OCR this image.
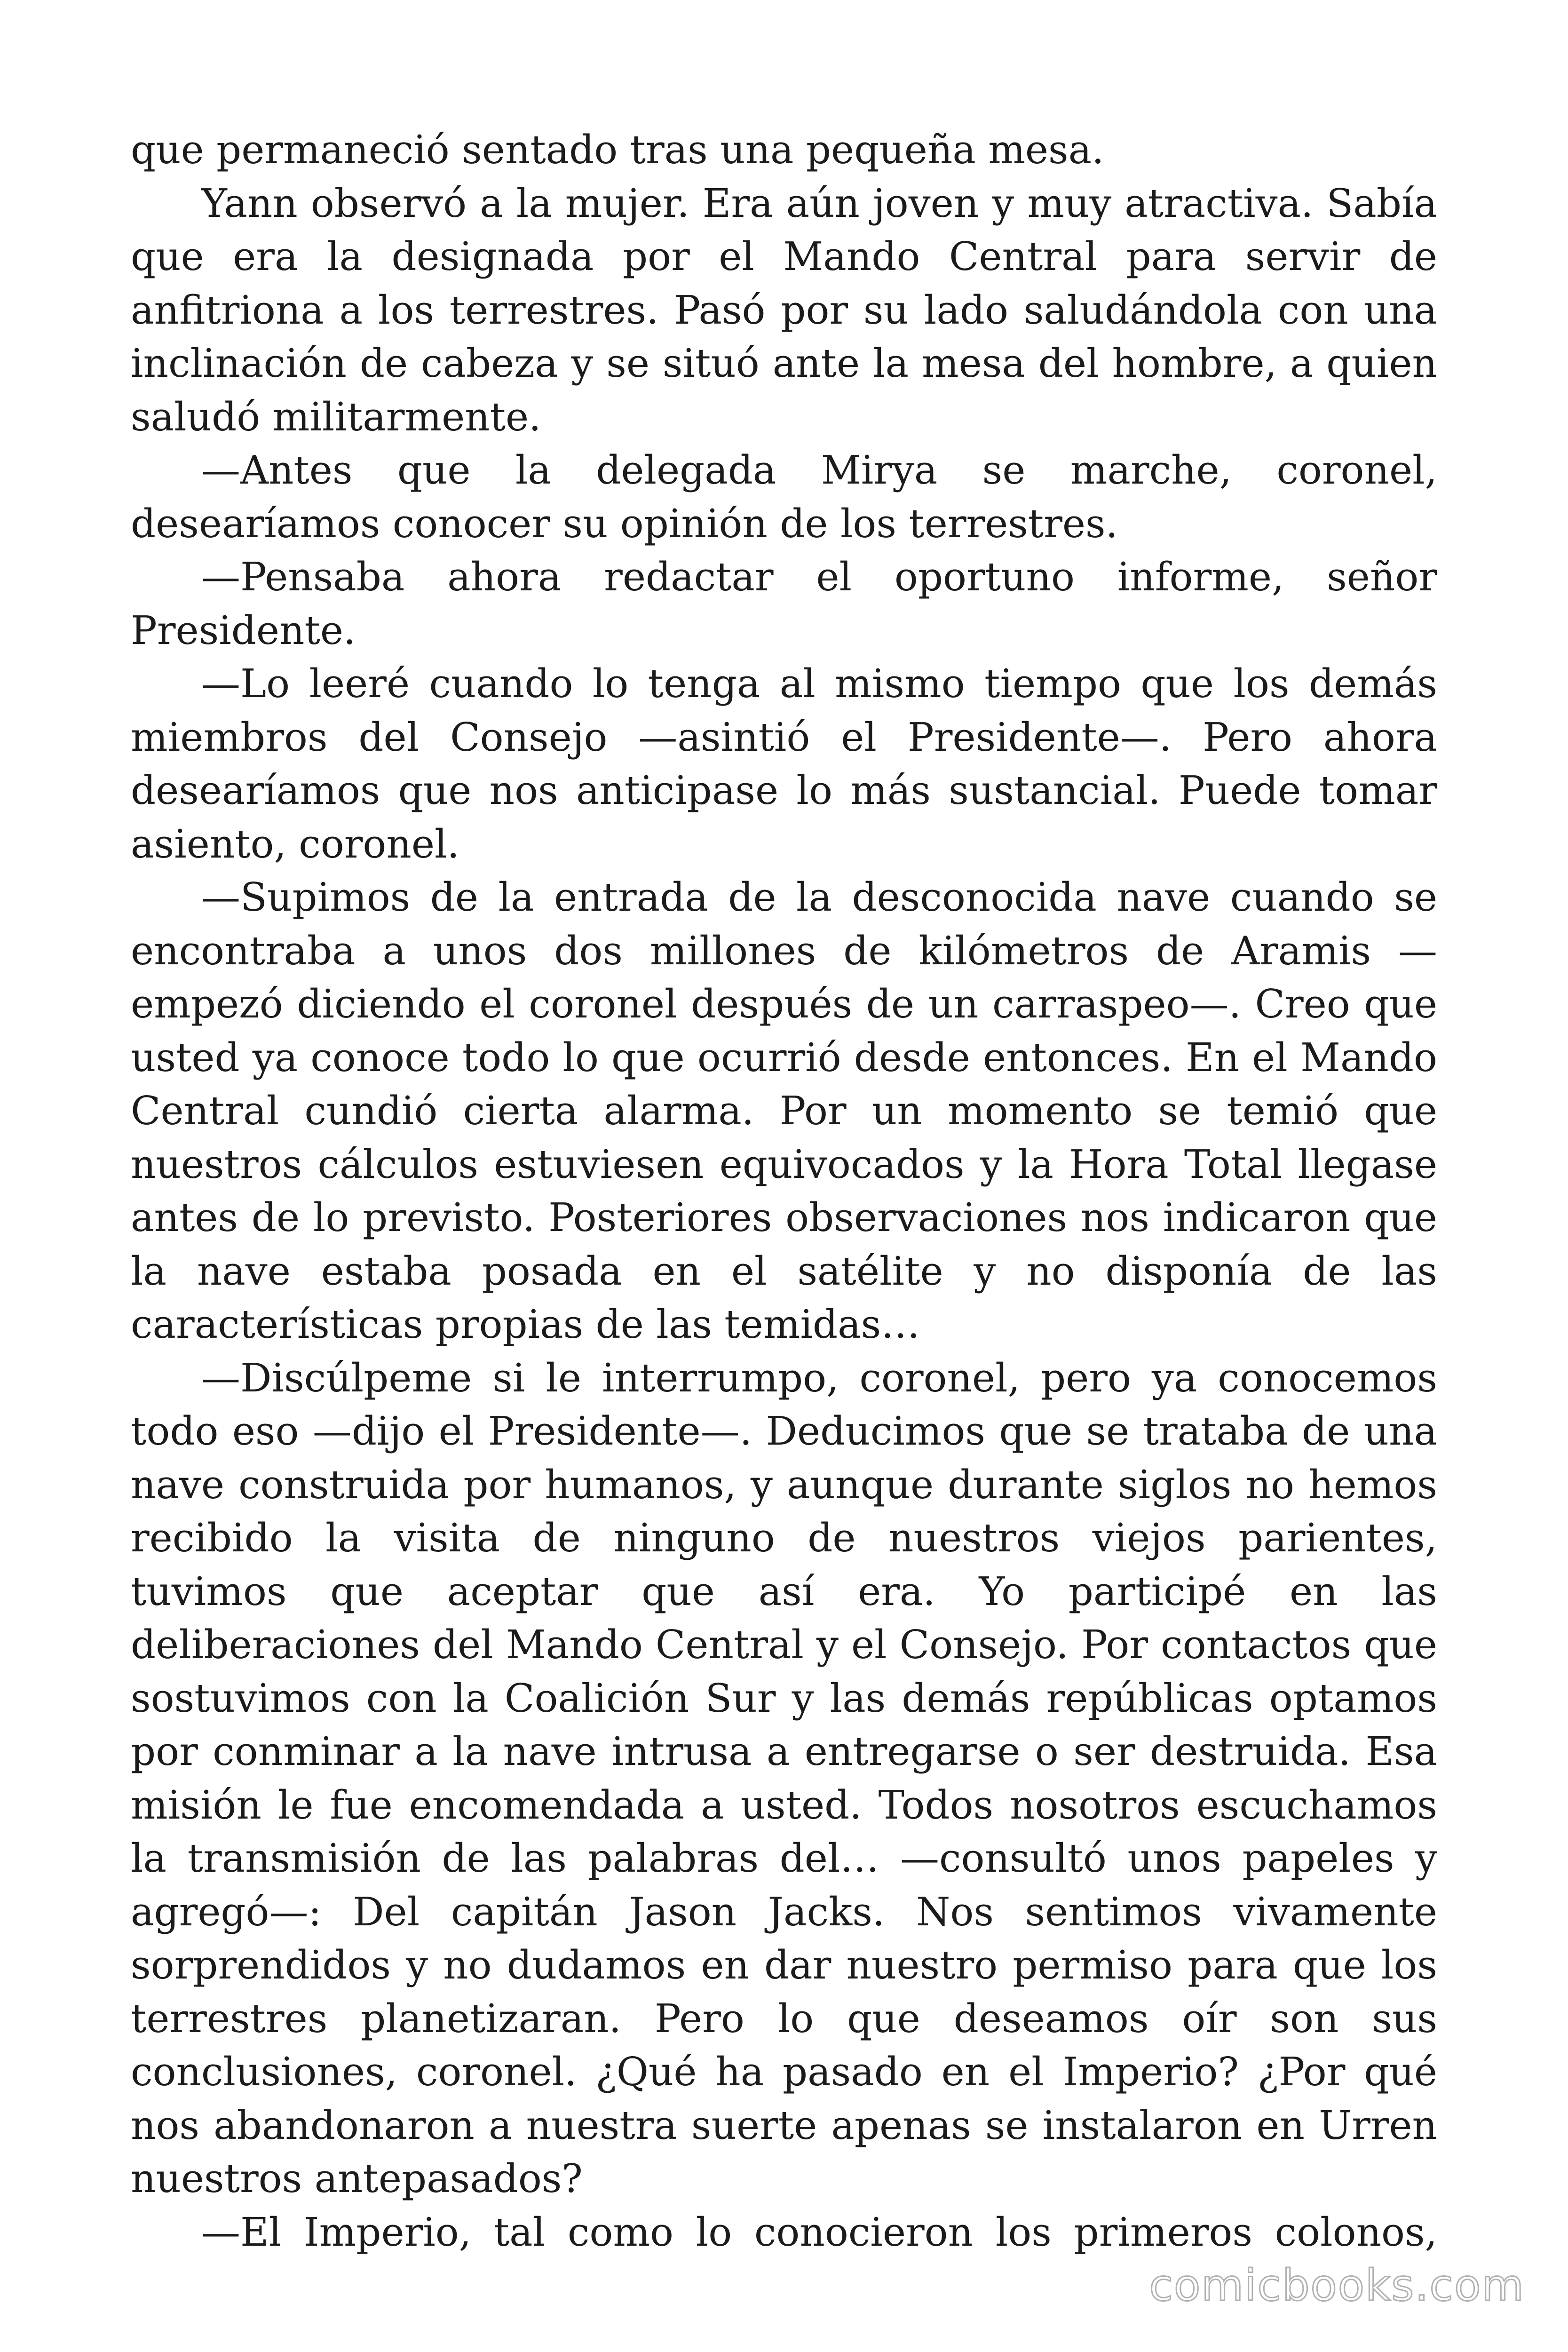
que permaneció sentado tras una pequeña mesa.

Yann observó a la mujer. Era aún joven y muy atractiva. Sabía que era la designada por el Mando Central para servir de anfitriona a los terrestres. Pasó por su lado saludándola con una inclinación de cabeza y se situó ante la mesa del hombre, a quien saludó militarmente.

—Antes que la delegada Mirya se marche, coronel, desearíamos conocer su opinión de los terrestres.

—Pensaba ahora redactar el oportuno informe, señor Presidente.

—Lo leeré cuando lo tenga al mismo tiempo que los demás miembros del Consejo —asintió el Presidente—. Pero ahora desearíamos que nos anticipase lo más sustancial. Puede tomar asiento, coronel.

—Supimos de la entrada de la desconocida nave cuando se encontraba a unos dos millones de kilómetros de Aramis —empezó diciendo el coronel después de un carraspeo—. Creo que usted ya conoce todo lo que ocurrió desde entonces. En el Mando Central cundió cierta alarma. Por un momento se temió que nuestros cálculos estuviesen equivocados y la Hora Total llegase antes de lo previsto. Posteriores observaciones nos indicaron que la nave estaba posada en el satélite y no disponía de las características propias de las temidas…

—Discúlpeme si le interrumpo, coronel, pero ya conocemos todo eso —dijo el Presidente—. Deducimos que se trataba de una nave construida por humanos, y aunque durante siglos no hemos recibido la visita de ninguno de nuestros viejos parientes, tuvimos que aceptar que así era. Yo participé en las deliberaciones del Mando Central y el Consejo. Por contactos que sostuvimos con la Coalición Sur y las demás repúblicas optamos por conminar a la nave intrusa a entregarse o ser destruida. Esa misión le fue encomendada a usted. Todos nosotros escuchamos la transmisión de las palabras del… —consultó unos papeles y agregó—: Del capitán Jason Jacks. Nos sentimos vivamente sorprendidos y no dudamos en dar nuestro permiso para que los terrestres planetizaran. Pero lo que deseamos oír son sus conclusiones, coronel. ¿Qué ha pasado en el Imperio? ¿Por qué nos abandonaron a nuestra suerte apenas se instalaron en Urren nuestros antepasados?

—El Imperio, tal como lo conocieron los primeros colonos,

comicbooks.com
